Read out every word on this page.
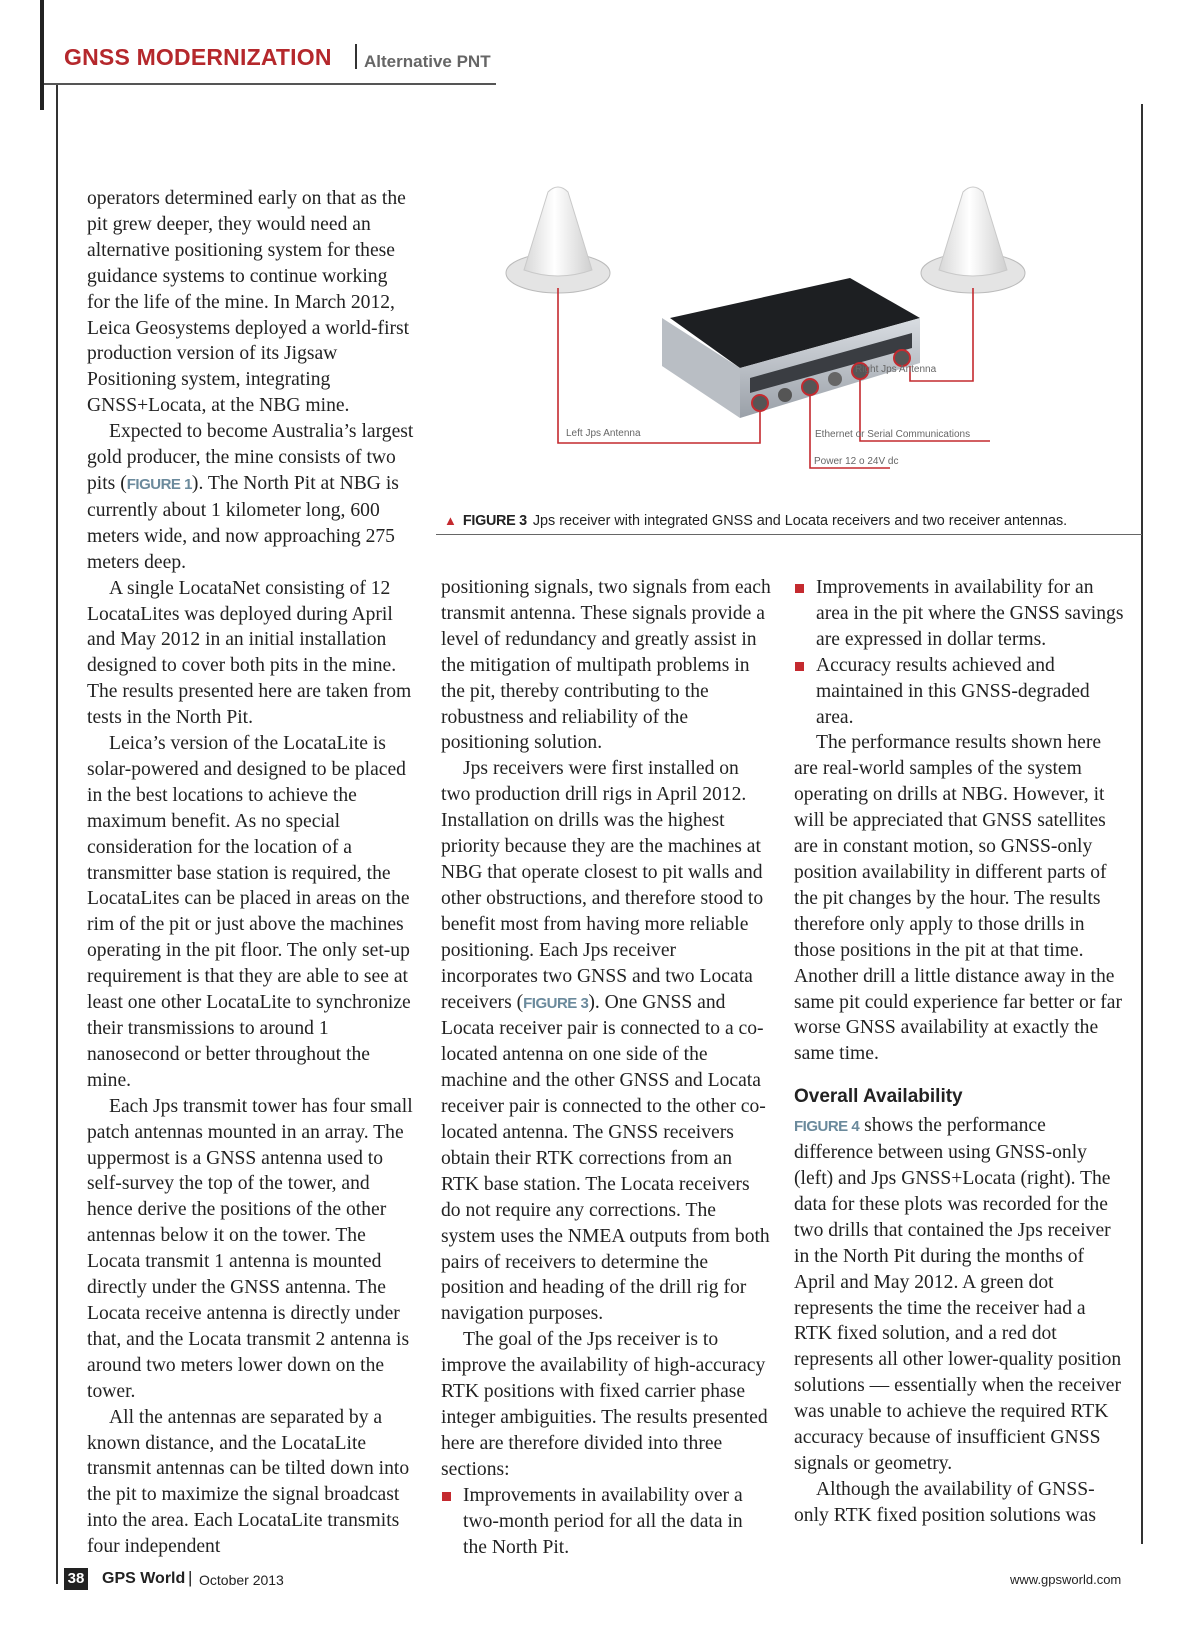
GNSS MODERNIZATION Alternative PNT
Right Jps Antenna
Left Jps Antenna	Ethernet or Serial Communications
Power 12 o 24V dc
▲ FIGURE 3 Jps receiver with integrated GNSS and Locata receivers and two receiver antennas.

operators determined early on that as the pit grew deeper, they would need an alternative positioning system for these guidance systems to continue working for the life of the mine. In March 2012, Leica Geosystems deployed a world-first production version of its Jigsaw Positioning system, integrating GNSS+Locata, at the NBG mine.

Expected to become Australia’s largest gold producer, the mine consists of two pits (FIGURE 1). The North Pit at NBG is currently about 1 kilometer long, 600 meters wide, and now approaching 275 meters deep.

A single LocataNet consisting of 12 LocataLites was deployed during April and May 2012 in an initial installation designed to cover both pits in the mine. The results presented here are taken from tests in the North Pit.

Leica’s version of the LocataLite is solar-powered and designed to be placed in the best locations to achieve the maximum benefit. As no special consideration for the location of a transmitter base station is required, the LocataLites can be placed in areas on the rim of the pit or just above the machines operating in the pit floor. The only set-up requirement is that they are able to see at least one other LocataLite to synchronize their transmissions to around 1 nanosecond or better throughout the mine.

Each Jps transmit tower has four small patch antennas mounted in an array. The uppermost is a GNSS antenna used to self-survey the top of the tower, and hence derive the positions of the other antennas below it on the tower. The Locata transmit 1 antenna is mounted directly under the GNSS antenna. The Locata receive antenna is directly under that, and the Locata transmit 2 antenna is around two meters lower down on the tower.

All the antennas are separated by a known distance, and the LocataLite transmit antennas can be tilted down into the pit to maximize the signal broadcast into the area. Each LocataLite transmits four independent

positioning signals, two signals from each transmit antenna. These signals provide a level of redundancy and greatly assist in the mitigation of multipath problems in the pit, thereby contributing to the robustness and reliability of the positioning solution.

Jps receivers were first installed on two production drill rigs in April 2012. Installation on drills was the highest priority because they are the machines at NBG that operate closest to pit walls and other obstructions, and therefore stood to benefit most from having more reliable positioning. Each Jps receiver incorporates two GNSS and two Locata receivers (FIGURE 3). One GNSS and Locata receiver pair is connected to a co-located antenna on one side of the machine and the other GNSS and Locata receiver pair is connected to the other co-located antenna. The GNSS receivers obtain their RTK corrections from an RTK base station. The Locata receivers do not require any corrections. The system uses the NMEA outputs from both pairs of receivers to determine the position and heading of the drill rig for navigation purposes.

The goal of the Jps receiver is to improve the availability of high-accuracy RTK positions with fixed carrier phase integer ambiguities. The results presented here are therefore divided into three sections:

Improvements in availability over a two-month period for all the data in the North Pit.
Improvements in availability for an area in the pit where the GNSS savings are expressed in dollar terms.
Accuracy results achieved and maintained in this GNSS-degraded area.

The performance results shown here are real-world samples of the system operating on drills at NBG. However, it will be appreciated that GNSS satellites are in constant motion, so GNSS-only position availability in different parts of the pit changes by the hour. The results therefore only apply to those drills in those positions in the pit at that time. Another drill a little distance away in the same pit could experience far better or far worse GNSS availability at exactly the same time.

Overall Availability

FIGURE 4 shows the performance difference between using GNSS-only (left) and Jps GNSS+Locata (right). The data for these plots was recorded for the two drills that contained the Jps receiver in the North Pit during the months of April and May 2012. A green dot represents the time the receiver had a RTK fixed solution, and a red dot represents all other lower-quality position solutions — essentially when the receiver was unable to achieve the required RTK accuracy because of insufficient GNSS signals or geometry.

Although the availability of GNSS-only RTK fixed position solutions was

38 GPS World | October 2013	www.gpsworld.com
